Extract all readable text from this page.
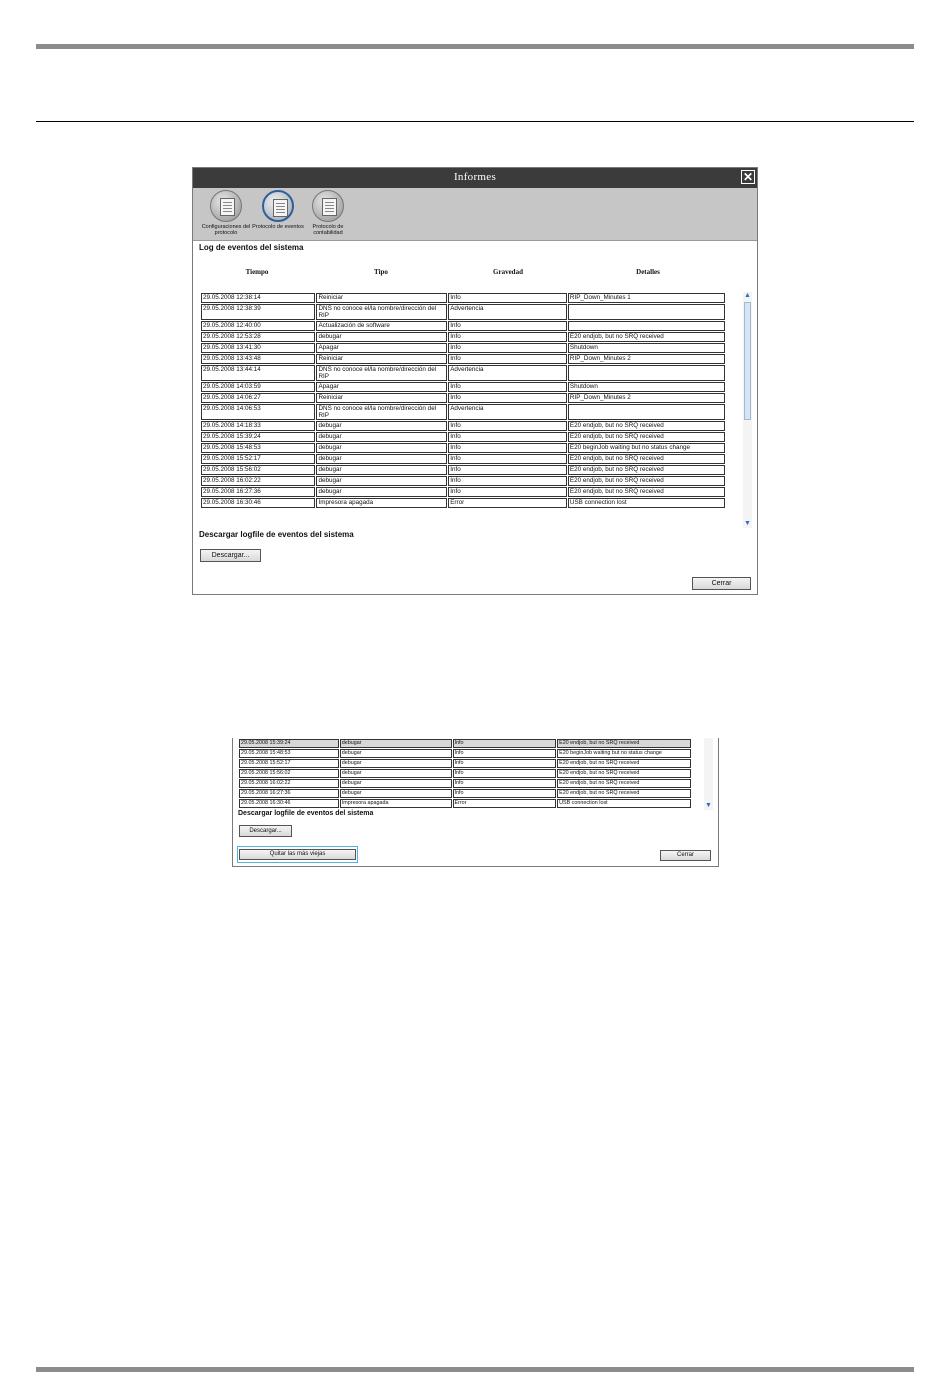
Informes	✕
Configuraciones del protocolo
Protocolo de eventos	Protocolo de contabilidad
Log de eventos del sistema
Tiempo	Tipo	Gravedad	Detalles
29.05.2008 12:38:14	Reiniciar	Info	RIP_Down_Minutes 1
29.05.2008 12:38:39	DNS no conoce el/la nombre/dirección del RIP	Advertencia	
29.05.2008 12:40:00	Actualización de software	Info	
29.05.2008 12:53:28	debugar	Info	E20 endjob, but no SRQ received
29.05.2008 13:41:30	Apagar	Info	Shutdown
29.05.2008 13:43:48	Reiniciar	Info	RIP_Down_Minutes 2
29.05.2008 13:44:14	DNS no conoce el/la nombre/dirección del RIP	Advertencia	
29.05.2008 14:03:59	Apagar	Info	Shutdown
29.05.2008 14:06:27	Reiniciar	Info	RIP_Down_Minutes 2
29.05.2008 14:06:53	DNS no conoce el/la nombre/dirección del RIP	Advertencia	
29.05.2008 14:18:33	debugar	Info	E20 endjob, but no SRQ received
29.05.2008 15:39:24	debugar	Info	E20 endjob, but no SRQ received
29.05.2008 15:48:53	debugar	Info	E20 beginJob waiting but no status change
29.05.2008 15:52:17	debugar	Info	E20 endjob, but no SRQ received
29.05.2008 15:56:02	debugar	Info	E20 endjob, but no SRQ received
29.05.2008 16:02:22	debugar	Info	E20 endjob, but no SRQ received
29.05.2008 16:27:36	debugar	Info	E20 endjob, but no SRQ received
29.05.2008 16:30:46	Impresora apagada	Error	USB connection lost
▲
▼
Descargar logfile de eventos del sistema
Descargar...
Cerrar
29.05.2008 15:39:24	debugar	Info	E20 endjob, but no SRQ received
29.05.2008 15:48:53	debugar	Info	E20 beginJob waiting but no status change
29.05.2008 15:52:17	debugar	Info	E20 endjob, but no SRQ received
29.05.2008 15:56:02	debugar	Info	E20 endjob, but no SRQ received
29.05.2008 16:02:22	debugar	Info	E20 endjob, but no SRQ received
29.05.2008 16:27:36	debugar	Info	E20 endjob, but no SRQ received
29.05.2008 16:30:46	Impresora apagada	Error	USB connection lost	▼
Descargar logfile de eventos del sistema
Descargar...
Quitar las más viejas	Cerrar
